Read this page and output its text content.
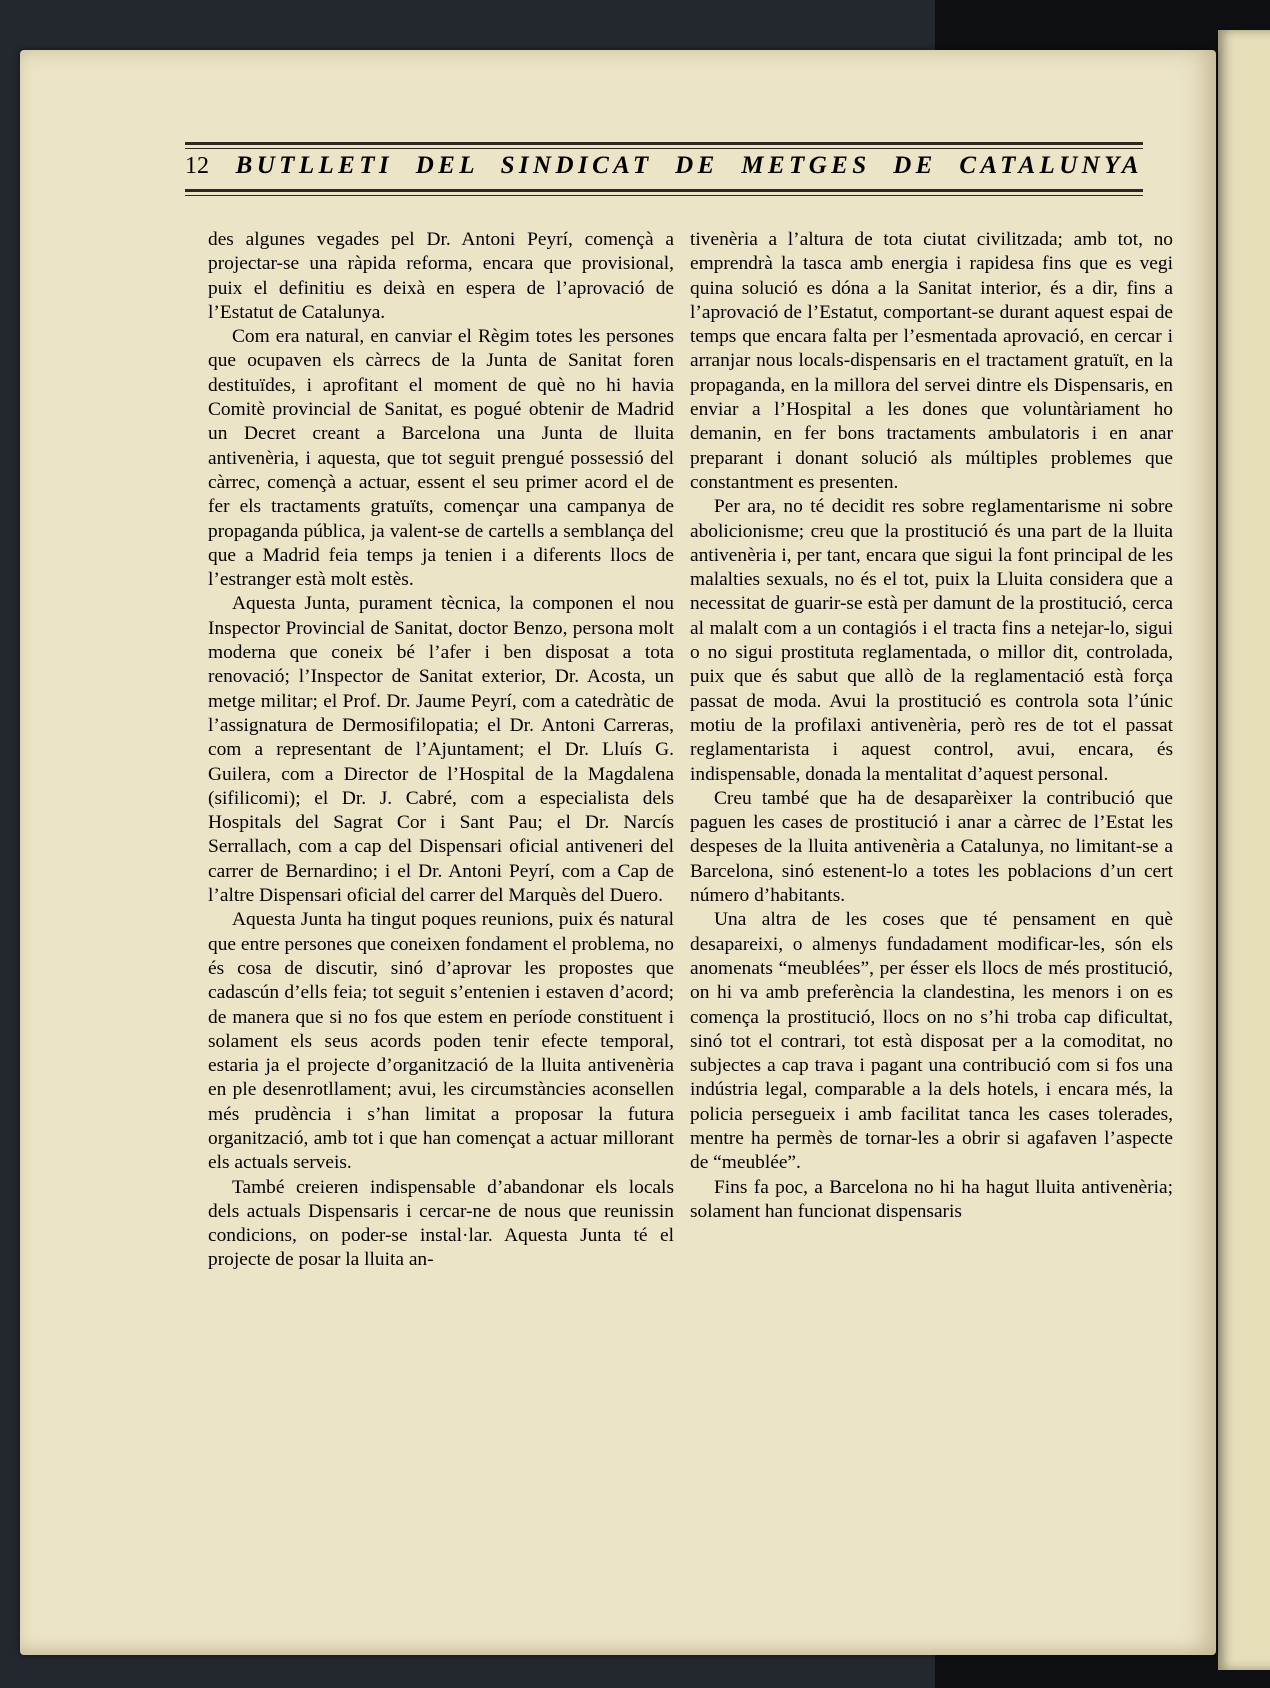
12	BUTLLETI DEL SINDICAT DE METGES DE CATALUNYA

des algunes vegades pel Dr. Antoni Peyrí, començà a projectar-se una ràpida reforma, encara que provisional, puix el definitiu es deixà en espera de l’aprovació de l’Estatut de Catalunya.

Com era natural, en canviar el Règim totes les persones que ocupaven els càrrecs de la Junta de Sanitat foren destituïdes, i aprofitant el moment de què no hi havia Comitè provincial de Sanitat, es pogué obtenir de Madrid un Decret creant a Barcelona una Junta de lluita antivenèria, i aquesta, que tot seguit prengué possessió del càrrec, començà a actuar, essent el seu primer acord el de fer els tractaments gratuïts, començar una campanya de propaganda pública, ja valent-se de cartells a semblança del que a Madrid feia temps ja tenien i a diferents llocs de l’estranger està molt estès.

Aquesta Junta, purament tècnica, la componen el nou Inspector Provincial de Sanitat, doctor Benzo, persona molt moderna que coneix bé l’afer i ben disposat a tota renovació; l’Inspector de Sanitat exterior, Dr. Acosta, un metge militar; el Prof. Dr. Jaume Peyrí, com a catedràtic de l’assignatura de Dermosifilopatia; el Dr. Antoni Carreras, com a representant de l’Ajuntament; el Dr. Lluís G. Guilera, com a Director de l’Hospital de la Magdalena (sifilicomi); el Dr. J. Cabré, com a especialista dels Hospitals del Sagrat Cor i Sant Pau; el Dr. Narcís Serrallach, com a cap del Dispensari oficial antiveneri del carrer de Bernardino; i el Dr. Antoni Peyrí, com a Cap de l’altre Dispensari oficial del carrer del Marquès del Duero.

Aquesta Junta ha tingut poques reunions, puix és natural que entre persones que coneixen fondament el problema, no és cosa de discutir, sinó d’aprovar les propostes que cadascún d’ells feia; tot seguit s’entenien i estaven d’acord; de manera que si no fos que estem en període constituent i solament els seus acords poden tenir efecte temporal, estaria ja el projecte d’organització de la lluita antivenèria en ple desenrotllament; avui, les circumstàncies aconsellen més prudència i s’han limitat a proposar la futura organització, amb tot i que han començat a actuar millorant els actuals serveis.

També creieren indispensable d’abandonar els locals dels actuals Dispensaris i cercar-ne de nous que reunissin condicions, on poder-se instal·lar. Aquesta Junta té el projecte de posar la lluita an-

tivenèria a l’altura de tota ciutat civilitzada; amb tot, no emprendrà la tasca amb energia i rapidesa fins que es vegi quina solució es dóna a la Sanitat interior, és a dir, fins a l’aprovació de l’Estatut, comportant-se durant aquest espai de temps que encara falta per l’esmentada aprovació, en cercar i arranjar nous locals-dispensaris en el tractament gratuït, en la propaganda, en la millora del servei dintre els Dispensaris, en enviar a l’Hospital a les dones que voluntàriament ho demanin, en fer bons tractaments ambulatoris i en anar preparant i donant solució als múltiples problemes que constantment es presenten.

Per ara, no té decidit res sobre reglamentarisme ni sobre abolicionisme; creu que la prostitució és una part de la lluita antivenèria i, per tant, encara que sigui la font principal de les malalties sexuals, no és el tot, puix la Lluita considera que a necessitat de guarir-se està per damunt de la prostitució, cerca al malalt com a un contagiós i el tracta fins a netejar-lo, sigui o no sigui prostituta reglamentada, o millor dit, controlada, puix que és sabut que allò de la reglamentació està força passat de moda. Avui la prostitució es controla sota l’únic motiu de la profilaxi antivenèria, però res de tot el passat reglamentarista i aquest control, avui, encara, és indispensable, donada la mentalitat d’aquest personal.

Creu també que ha de desaparèixer la contribució que paguen les cases de prostitució i anar a càrrec de l’Estat les despeses de la lluita antivenèria a Catalunya, no limitant-se a Barcelona, sinó estenent-lo a totes les poblacions d’un cert número d’habitants.

Una altra de les coses que té pensament en què desapareixi, o almenys fundadament modificar-les, són els anomenats “meublées”, per ésser els llocs de més prostitució, on hi va amb preferència la clandestina, les menors i on es comença la prostitució, llocs on no s’hi troba cap dificultat, sinó tot el contrari, tot està disposat per a la comoditat, no subjectes a cap trava i pagant una contribució com si fos una indústria legal, comparable a la dels hotels, i encara més, la policia persegueix i amb facilitat tanca les cases tolerades, mentre ha permès de tornar-les a obrir si agafaven l’aspecte de “meublée”.

Fins fa poc, a Barcelona no hi ha hagut lluita antivenèria; solament han funcionat dispensaris
